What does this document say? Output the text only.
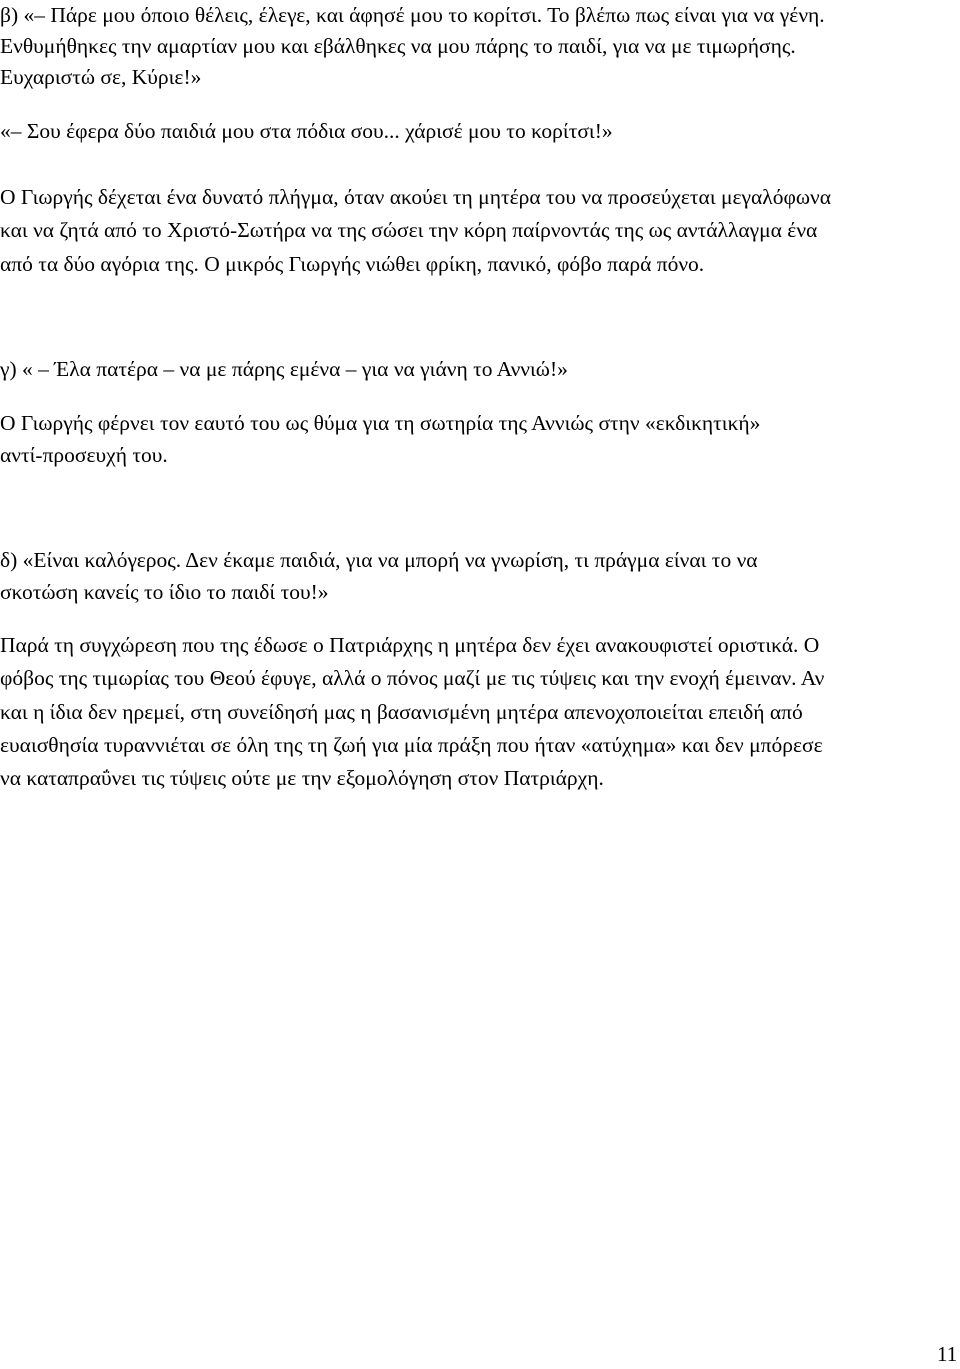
β) «– Πάρε μου όποιο θέλεις, έλεγε, και άφησέ μου το κορίτσι. Το βλέπω πως είναι για να γένη.
Ενθυμήθηκες την αμαρτίαν μου και εβάλθηκες να μου πάρης το παιδί, για να με τιμωρήσης.
Ευχαριστώ σε, Κύριε!»
«– Σου έφερα δύο παιδιά μου στα πόδια σου... χάρισέ μου το κορίτσι!»
Ο Γιωργής δέχεται ένα δυνατό πλήγμα, όταν ακούει τη μητέρα του να προσεύχεται μεγαλόφωνα
και να ζητά από το Χριστό-Σωτήρα να της σώσει την κόρη παίρνοντάς της ως αντάλλαγμα ένα
από τα δύο αγόρια της. Ο μικρός Γιωργής νιώθει φρίκη, πανικό, φόβο παρά πόνο.
γ) « – Έλα πατέρα – να με πάρης εμένα – για να γιάνη το Αννιώ!»
Ο Γιωργής φέρνει τον εαυτό του ως θύμα για τη σωτηρία της Αννιώς στην «εκδικητική»
αντί-προσευχή του.
δ) «Είναι καλόγερος. Δεν έκαμε παιδιά, για να μπορή να γνωρίση, τι πράγμα είναι το να
σκοτώση κανείς το ίδιο το παιδί του!»
Παρά τη συγχώρεση που της έδωσε ο Πατριάρχης η μητέρα δεν έχει ανακουφιστεί οριστικά. Ο
φόβος της τιμωρίας του Θεού έφυγε, αλλά ο πόνος μαζί με τις τύψεις και την ενοχή έμειναν. Αν
και η ίδια δεν ηρεμεί, στη συνείδησή μας η βασανισμένη μητέρα απενοχοποιείται επειδή από
ευαισθησία τυραννιέται σε όλη της τη ζωή για μία πράξη που ήταν «ατύχημα» και δεν μπόρεσε
να καταπραΰνει τις τύψεις ούτε με την εξομολόγηση στον Πατριάρχη.
11
